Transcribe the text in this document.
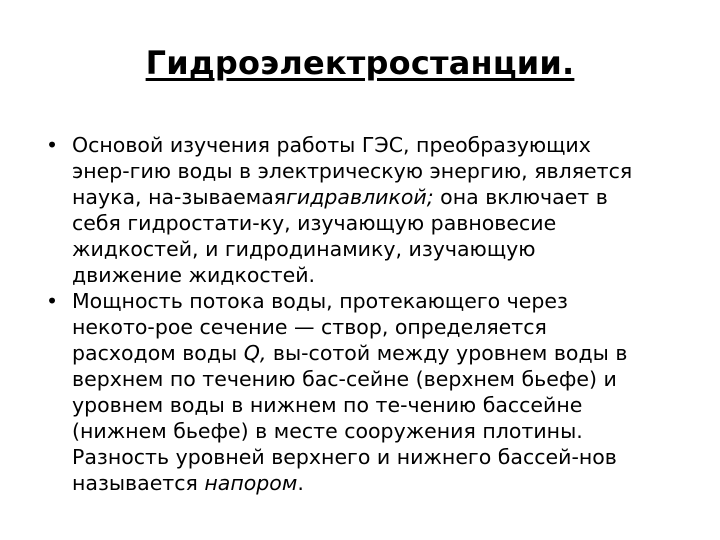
Гидроэлектростанции.
• Основой изучения работы ГЭС, преобразующих
энер-гию воды в электрическую энергию, является
наука, на-зываемаягидравликой; она включает в
себя гидростати-ку, изучающую равновесие
жидкостей, и гидродинамику, изучающую
движение жидкостей.
• Мощность потока воды, протекающего через
некото-рое сечение — створ, определяется
расходом воды Q, вы-сотой между уровнем воды в
верхнем по течению бас-сейне (верхнем бьефе) и
уровнем воды в нижнем по те-чению бассейне
(нижнем бьефе) в месте сооружения плотины.
Разность уровней верхнего и нижнего бассей-нов
называется напором.
